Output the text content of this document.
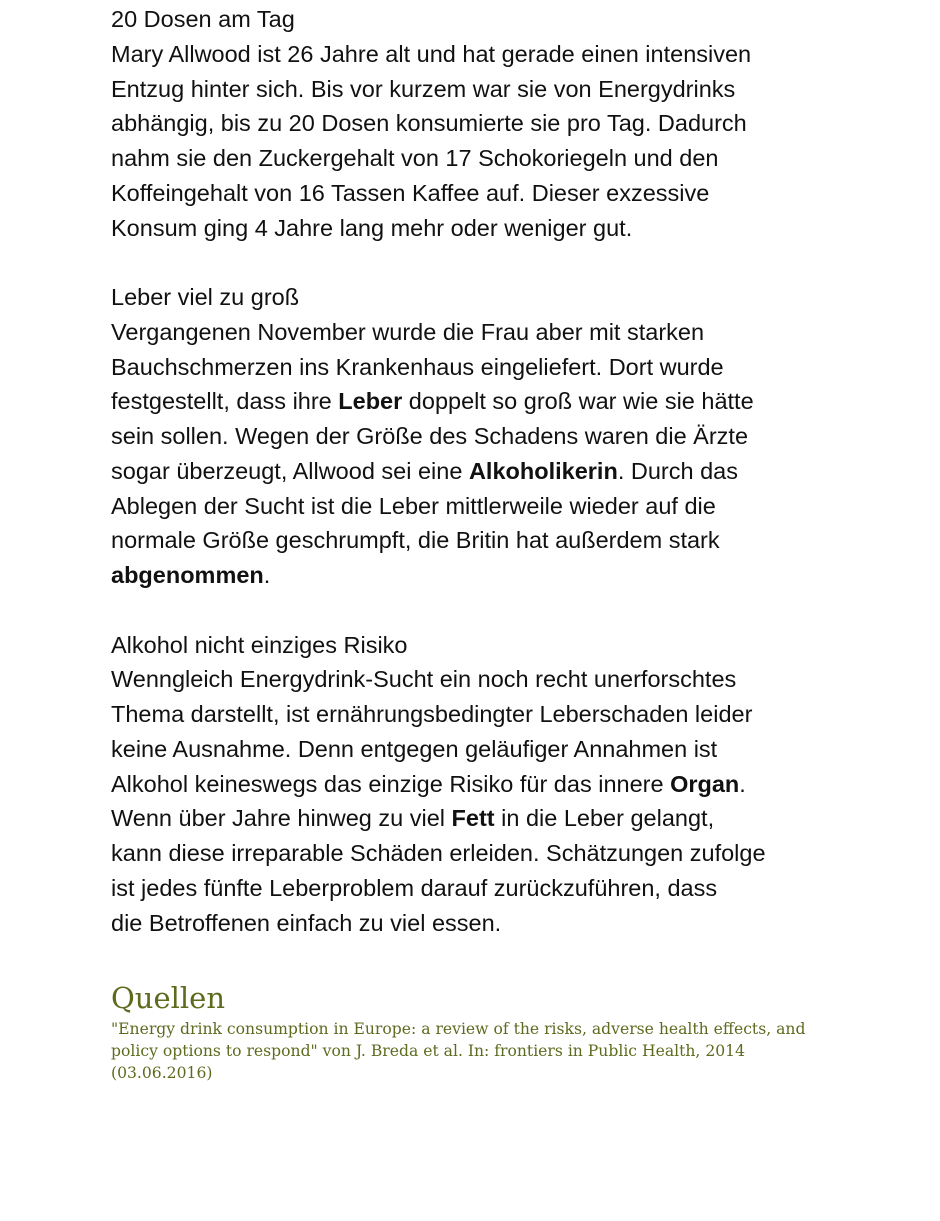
20 Dosen am Tag

Mary Allwood ist 26 Jahre alt und hat gerade einen intensiven

Entzug hinter sich. Bis vor kurzem war sie von Energydrinks

abhängig, bis zu 20 Dosen konsumierte sie pro Tag. Dadurch

nahm sie den Zuckergehalt von 17 Schokoriegeln und den

Koffeingehalt von 16 Tassen Kaffee auf. Dieser exzessive

Konsum ging 4 Jahre lang mehr oder weniger gut.

Leber viel zu groß

Vergangenen November wurde die Frau aber mit starken

Bauchschmerzen ins Krankenhaus eingeliefert. Dort wurde

festgestellt, dass ihre Leber doppelt so groß war wie sie hätte

sein sollen. Wegen der Größe des Schadens waren die Ärzte

sogar überzeugt, Allwood sei eine Alkoholikerin. Durch das

Ablegen der Sucht ist die Leber mittlerweile wieder auf die

normale Größe geschrumpft, die Britin hat außerdem stark

abgenommen.

Alkohol nicht einziges Risiko

Wenngleich Energydrink-Sucht ein noch recht unerforschtes

Thema darstellt, ist ernährungsbedingter Leberschaden leider

keine Ausnahme. Denn entgegen geläufiger Annahmen ist

Alkohol keineswegs das einzige Risiko für das innere Organ.

Wenn über Jahre hinweg zu viel Fett in die Leber gelangt,

kann diese irreparable Schäden erleiden. Schätzungen zufolge

ist jedes fünfte Leberproblem darauf zurückzuführen, dass

die Betroffenen einfach zu viel essen.

Quellen

"Energy drink consumption in Europe: a review of the risks, adverse health effects, and
policy options to respond" von J. Breda et al. In: frontiers in Public Health, 2014
(03.06.2016)
